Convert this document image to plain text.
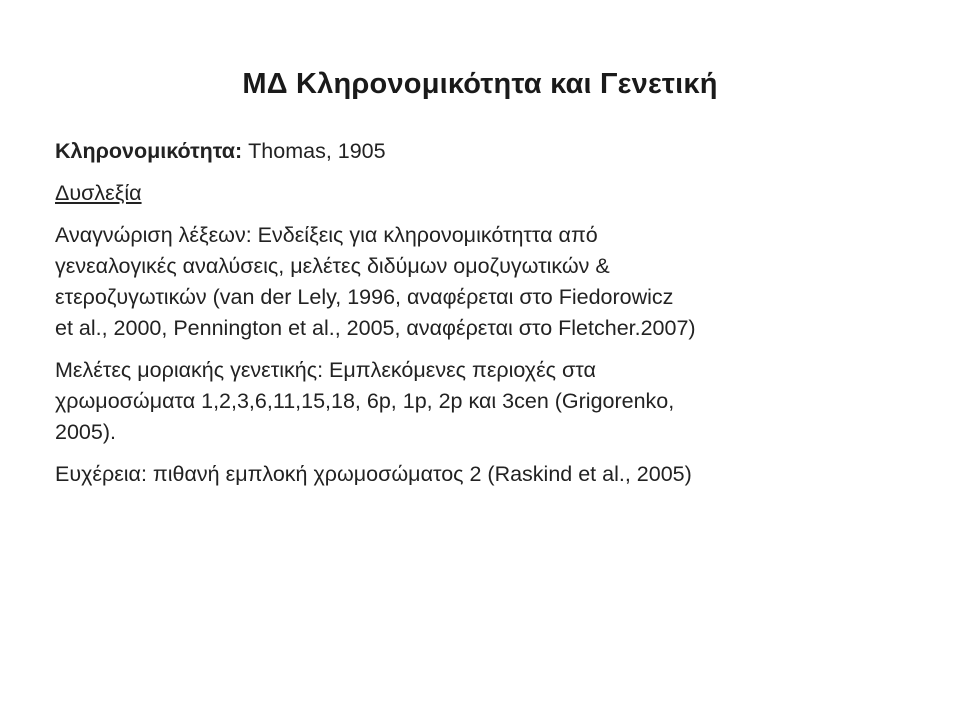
ΜΔ Κληρονομικότητα και Γενετική

Κληρονομικότητα: Thomas, 1905

Δυσλεξία

Αναγνώριση λέξεων: Ενδείξεις για κληρονομικότηττα από
γενεαλογικές αναλύσεις, μελέτες διδύμων ομοζυγωτικών &
ετεροζυγωτικών (van der Lely, 1996, αναφέρεται στο Fiedorowicz
et al., 2000, Pennington et al., 2005, αναφέρεται στο Fletcher.2007)

Μελέτες μοριακής γενετικής: Εμπλεκόμενες περιοχές στα
χρωμοσώματα 1,2,3,6,11,15,18, 6p, 1p, 2p και 3cen (Grigorenko,
2005).

Ευχέρεια: πιθανή εμπλοκή χρωμοσώματος 2 (Raskind et al., 2005)
